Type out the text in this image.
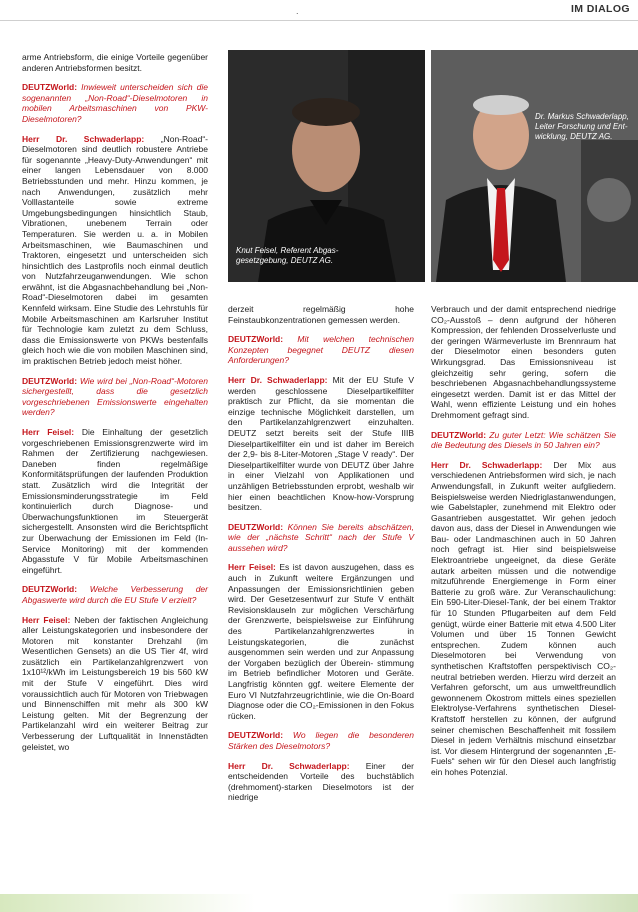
.	IM DIALOG
Knut Feisel, Referent Abgas-gesetzgebung, DEUTZ AG.
Dr. Markus Schwaderlapp, Leiter Forschung und Ent-wicklung, DEUTZ AG.

arme Antriebsform, die einige Vorteile gegenüber anderen Antriebsformen besitzt.

DEUTZWorld: Inwieweit unterscheiden sich die sogenannten „Non-Road“-Dieselmotoren in mobilen Arbeitsmaschinen von PKW-Dieselmotoren?

Herr Dr. Schwaderlapp: „Non-Road“-Dieselmotoren sind deutlich robustere Antriebe für sogenannte „Heavy-Duty-Anwendungen“ mit einer langen Lebensdauer von 8.000 Betriebsstunden und mehr. Hinzu kommen, je nach Anwendungen, zusätzlich mehr Volllastanteile sowie extreme Umgebungsbedingungen hinsichtlich Staub, Vibrationen, unebenem Terrain oder Temperaturen. Sie werden u. a. in Mobilen Arbeitsmaschinen, wie Baumaschinen und Traktoren, eingesetzt und unterscheiden sich hinsichtlich des Lastprofils noch einmal deutlich von Nutzfahrzeuganwendungen. Wie schon erwähnt, ist die Abgasnachbehandlung bei „Non-Road“-Dieselmotoren dabei im gesamten Kennfeld wirksam. Eine Studie des Lehrstuhls für Mobile Arbeitsmaschinen am Karlsruher Institut für Technologie kam zuletzt zu dem Schluss, dass die Emissionswerte von PKWs bestenfalls gleich hoch wie die von mobilen Maschinen sind, im praktischen Betrieb jedoch meist höher.

DEUTZWorld: Wie wird bei „Non-Road“-Motoren sichergestellt, dass die gesetzlich vorgeschriebenen Emissionswerte eingehalten werden?

Herr Feisel: Die Einhaltung der gesetzlich vorgeschriebenen Emissionsgrenzwerte wird im Rahmen der Zertifizierung nachgewiesen. Daneben finden regelmäßige Konformitätsprüfungen der laufenden Produktion statt. Zusätzlich wird die Integrität der Emissionsminderungsstrategie im Feld kontinuierlich durch Diagnose- und Überwachungsfunktionen im Steuergerät sichergestellt. Ansonsten wird die Berichtspflicht zur Überwachung der Emissionen im Feld (In-Service Monitoring) mit der kommenden Abgasstufe V für Mobile Arbeitsmaschinen eingeführt.

DEUTZWorld: Welche Verbesserung der Abgaswerte wird durch die EU Stufe V erzielt?

Herr Feisel: Neben der faktischen Angleichung aller Leistungskategorien und insbesondere der Motoren mit konstanter Drehzahl (im Wesentlichen Gensets) an die US Tier 4f, wird zusätzlich ein Partikelanzahlgrenzwert von 1x10¹²/kWh im Leistungsbereich 19 bis 560 kW mit der Stufe V eingeführt. Dies wird voraussichtlich auch für Motoren von Triebwagen und Binnenschiffen mit mehr als 300 kW Leistung gelten. Mit der Begrenzung der Partikelanzahl wird ein weiterer Beitrag zur Verbesserung der Luftqualität in Innenstädten geleistet, wo

derzeit regelmäßig hohe Feinstaubkonzentrationen gemessen werden.

DEUTZWorld: Mit welchen technischen Konzepten begegnet DEUTZ diesen Anforderungen?

Herr Dr. Schwaderlapp: Mit der EU Stufe V werden geschlossene Dieselpartikelfilter praktisch zur Pflicht, da sie momentan die einzige technische Möglichkeit darstellen, um den Partikelanzahlgrenzwert einzuhalten. DEUTZ setzt bereits seit der Stufe IIIB Dieselpartikelfilter ein und ist daher im Bereich der 2,9- bis 8-Liter-Motoren „Stage V ready“. Der Dieselpartikelfilter wurde von DEUTZ über Jahre in einer Vielzahl von Applikationen und unzähligen Betriebsstunden erprobt, weshalb wir hier einen beachtlichen Know-how-Vorsprung besitzen.

DEUTZWorld: Können Sie bereits abschätzen, wie der „nächste Schritt“ nach der Stufe V aussehen wird?

Herr Feisel: Es ist davon auszugehen, dass es auch in Zukunft weitere Ergänzungen und Anpassungen der Emissionsrichtlinien geben wird. Der Gesetzesentwurf zur Stufe V enthält Revisionsklauseln zur möglichen Verschärfung der Grenzwerte, beispielsweise zur Einführung des Partikelanzahlgrenzwertes in Leistungskategorien, die zunächst ausgenommen sein werden und zur Anpassung der Vorgaben bezüglich der Überein- stimmung im Betrieb befindlicher Motoren und Geräte. Langfristig könnten ggf. weitere Elemente der Euro VI Nutzfahrzeugrichtlinie, wie die On-Board Diagnose oder die CO₂-Emissionen in den Fokus rücken.

DEUTZWorld: Wo liegen die besonderen Stärken des Dieselmotors?

Herr Dr. Schwaderlapp: Einer der entscheidenden Vorteile des buchstäblich (drehmoment)-starken Dieselmotors ist der niedrige

Verbrauch und der damit entsprechend niedrige CO₂-Ausstoß – denn aufgrund der höheren Kompression, der fehlenden Drosselverluste und der geringen Wärmeverluste im Brennraum hat der Dieselmotor einen besonders guten Wirkungsgrad. Das Emissionsniveau ist gleichzeitig sehr gering, sofern die beschriebenen Abgasnachbehandlungssysteme eingesetzt werden. Damit ist er das Mittel der Wahl, wenn effiziente Leistung und ein hohes Drehmoment gefragt sind.

DEUTZWorld: Zu guter Letzt: Wie schätzen Sie die Bedeutung des Diesels in 50 Jahren ein?

Herr Dr. Schwaderlapp: Der Mix aus verschiedenen Antriebsformen wird sich, je nach Anwendungsfall, in Zukunft weiter aufgliedern. Beispielsweise werden Niedriglastanwendungen, wie Gabelstapler, zunehmend mit Elektro oder Gasantrieben ausgestattet. Wir gehen jedoch davon aus, dass der Diesel in Anwendungen wie Bau- oder Landmaschinen auch in 50 Jahren noch gefragt ist. Hier sind beispielsweise Elektroantriebe ungeeignet, da diese Geräte autark arbeiten müssen und die notwendige mitzuführende Energiemenge in Form einer Batterie zu groß wäre. Zur Veranschaulichung: Ein 590-Liter-Diesel-Tank, der bei einem Traktor für 10 Stunden Pflugarbeiten auf dem Feld genügt, würde einer Batterie mit etwa 4.500 Liter Volumen und über 15 Tonnen Gewicht entsprechen. Zudem können auch Dieselmotoren bei Verwendung von synthetischen Kraftstoffen perspektivisch CO₂-neutral betrieben werden. Hierzu wird derzeit an Verfahren geforscht, um aus umweltfreundlich gewonnenem Ökostrom mittels eines speziellen Elektrolyse-Verfahrens synthetischen Diesel-Kraftstoff herstellen zu können, der aufgrund seiner chemischen Beschaffenheit mit fossilem Diesel in jedem Verhältnis mischund einsetzbar ist. Vor diesem Hintergrund der sogenannten „E-Fuels“ sehen wir für den Diesel auch langfristig ein hohes Potenzial.
